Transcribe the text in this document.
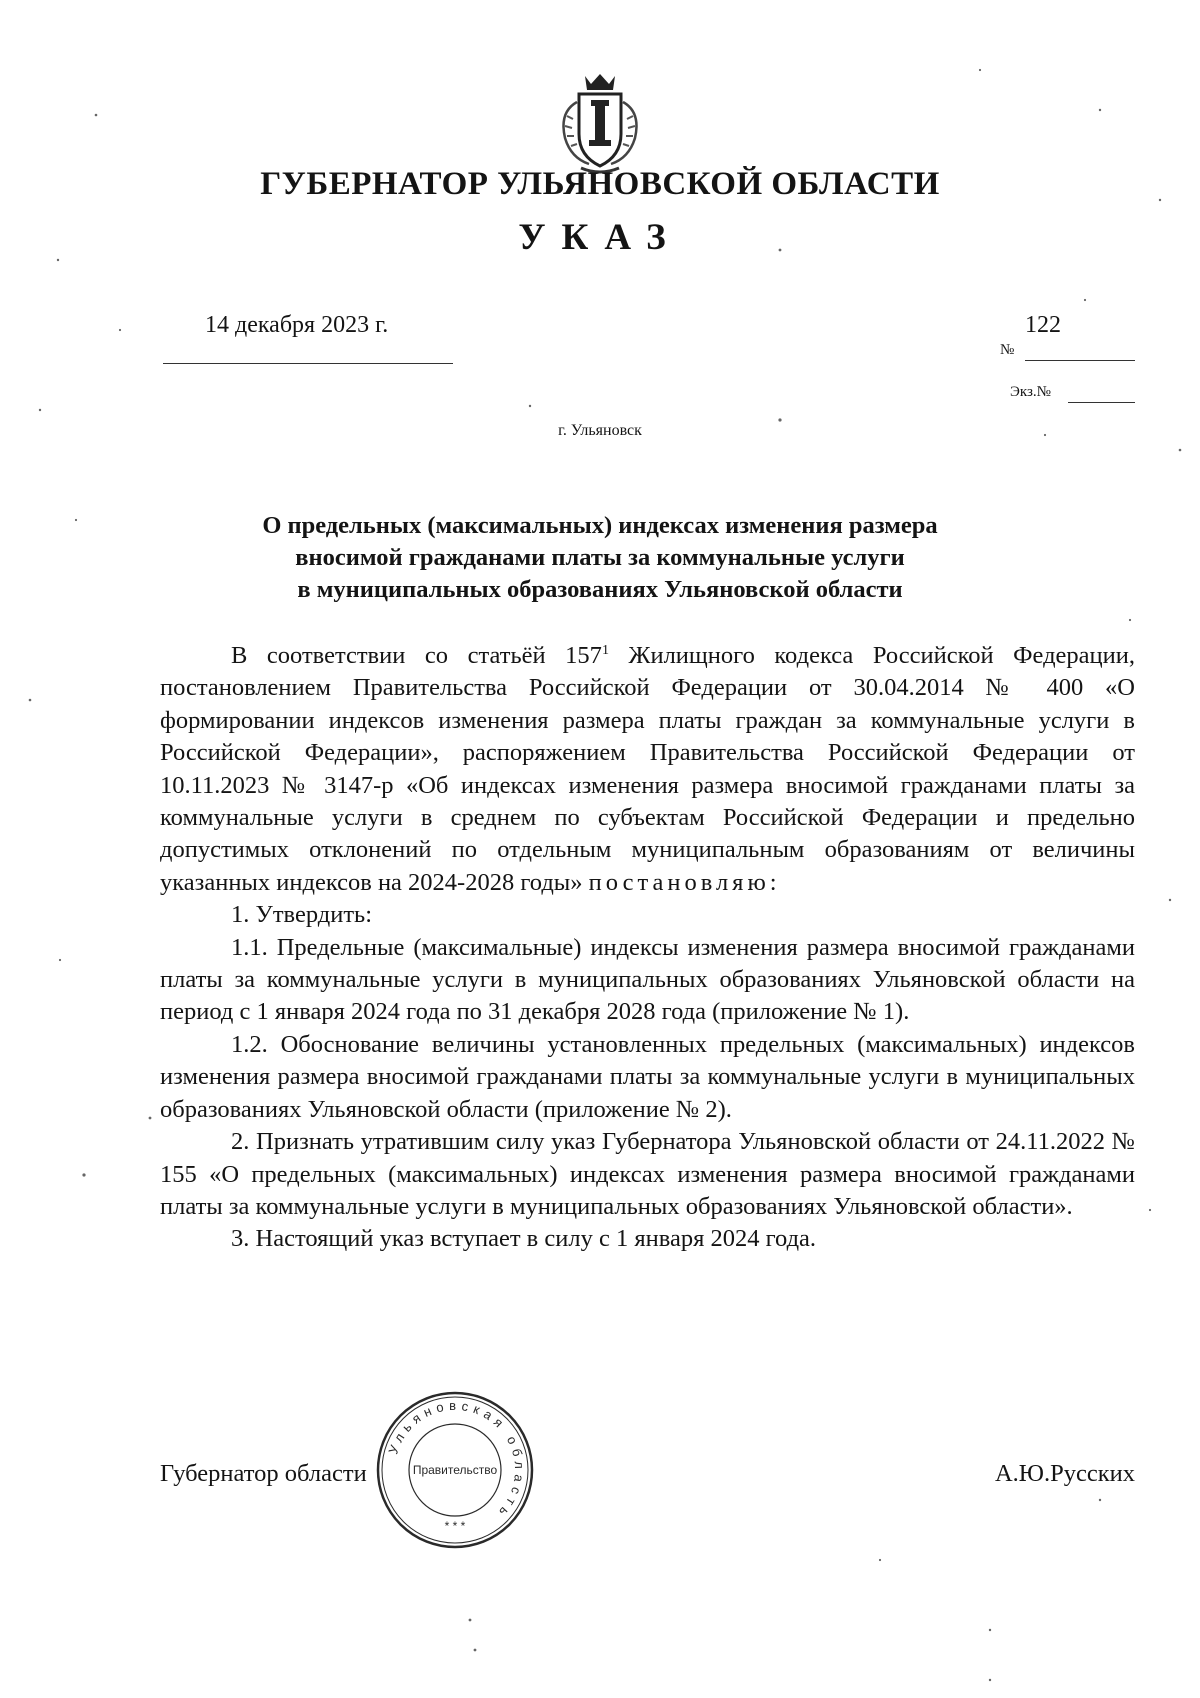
ГУБЕРНАТОР УЛЬЯНОВСКОЙ ОБЛАСТИ
УКАЗ
14 декабря 2023 г.	122
№
Экз.№
г. Ульяновск
О предельных (максимальных) индексах изменения размера
вносимой гражданами платы за коммунальные услуги
в муниципальных образованиях Ульяновской области

В соответствии со статьёй $157^1$ Жилищного кодекса Российской Федерации, постановлением Правительства Российской Федерации от 30.04.2014 № 400 «О формировании индексов изменения размера платы граждан за коммунальные услуги в Российской Федерации», распоряжением Правительства Российской Федерации от 10.11.2023 № 3147-р «Об индексах изменения размера вносимой гражданами платы за коммунальные услуги в среднем по субъектам Российской Федерации и предельно допустимых отклонений по отдельным муниципальным образованиям от величины указанных индексов на 2024-2028 годы» постановляю:

1. Утвердить:

1.1. Предельные (максимальные) индексы изменения размера вносимой гражданами платы за коммунальные услуги в муниципальных образованиях Ульяновской области на период с 1 января 2024 года по 31 декабря 2028 года (приложение № 1).

1.2. Обоснование величины установленных предельных (максимальных) индексов изменения размера вносимой гражданами платы за коммунальные услуги в муниципальных образованиях Ульяновской области (приложение № 2).

2. Признать утратившим силу указ Губернатора Ульяновской области от 24.11.2022 № 155 «О предельных (максимальных) индексах изменения размера вносимой гражданами платы за коммунальные услуги в муниципальных образованиях Ульяновской области».

3. Настоящий указ вступает в силу с 1 января 2024 года.

Губернатор области	А.Ю.Русских
Ульяновская область
Правительство
* * *
